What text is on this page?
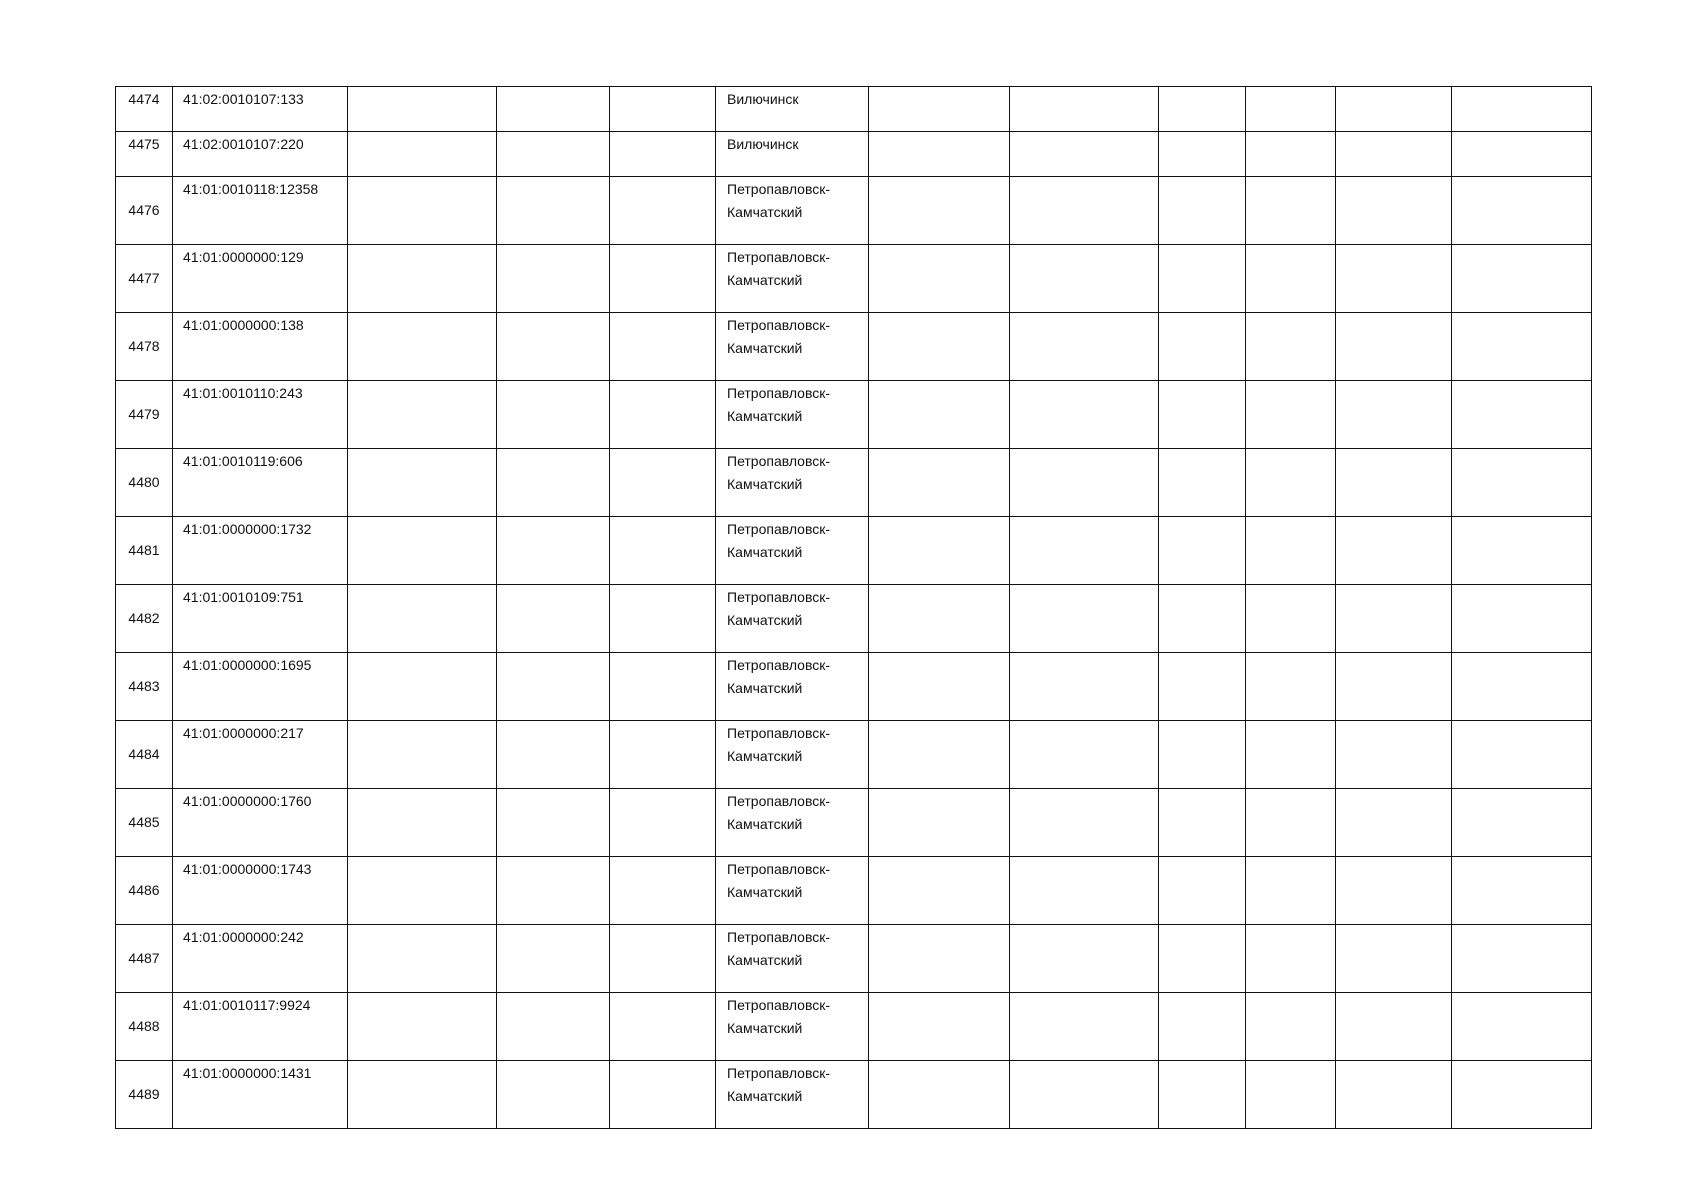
4474	41:02:0010107:133				Вилючинск						
4475	41:02:0010107:220				Вилючинск						
4476	41:01:0010118:12358				Петропавловск-Камчатский						
4477	41:01:0000000:129				Петропавловск-Камчатский						
4478	41:01:0000000:138				Петропавловск-Камчатский						
4479	41:01:0010110:243				Петропавловск-Камчатский						
4480	41:01:0010119:606				Петропавловск-Камчатский						
4481	41:01:0000000:1732				Петропавловск-Камчатский						
4482	41:01:0010109:751				Петропавловск-Камчатский						
4483	41:01:0000000:1695				Петропавловск-Камчатский						
4484	41:01:0000000:217				Петропавловск-Камчатский						
4485	41:01:0000000:1760				Петропавловск-Камчатский						
4486	41:01:0000000:1743				Петропавловск-Камчатский						
4487	41:01:0000000:242				Петропавловск-Камчатский						
4488	41:01:0010117:9924				Петропавловск-Камчатский						
4489	41:01:0000000:1431				Петропавловск-Камчатский						
